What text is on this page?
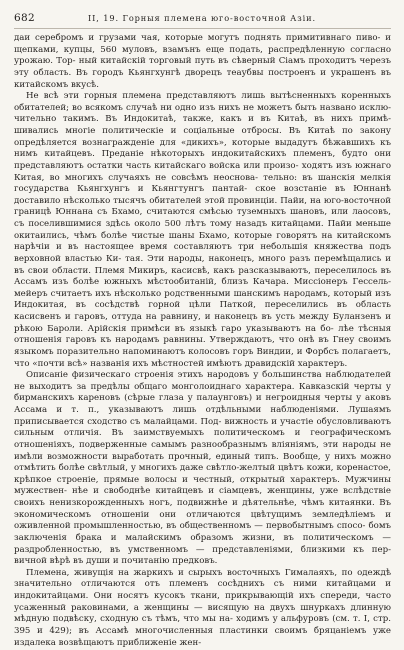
682	II, 19. Горныя племена юго-восточной Азіи.

даи серебромъ и грузами чая, которые могутъ поднять примитивнаго пиво- и щепками, купцы, 560 муловъ, взамънъ еще подать, распредѣленную согласно урожаю. Тор- ный китайскій торговый путь въ сѣверный Сіамъ проходитъ черезъ эту область. Въ городъ Кьянгхунгѣ дворецъ теаубвы построенъ и украшенъ въ китайскомъ вкусѣ.

Не всѣ эти горныя племена представляютъ лишь вытѣсненныхъ коренныхъ обитателей; во всякомъ случаѣ ни одно изъ нихъ не можетъ быть названо исклю- чительно такимъ. Въ Индокитаѣ, также, какъ и въ Китаѣ, въ нихъ примѣ- шивались многіе политическіе и соціальные отбросы. Въ Китаѣ по закону опредѣляется вознагражденіе для «дикихъ», которые выдадутъ бѣжавшихъ къ нимъ китайцевъ. Преданіе нѣкоторыхъ индокитайскихъ племенъ, будто они представляютъ остатки часть китайскаго войска или произо- ходятъ изъ южнаго Китая, во многихъ случаяхъ не совсѣмъ неоснова- тельно: въ шанскія мелкія государства Кьянгхунгъ и Кьянгтунгъ пантай- ское возстаніе въ Юннанѣ доставило нѣсколько тысячъ обитателей этой провинціи. Пайи, на юго-восточной границѣ Юннана съ Бхамо, считаются смѣсью туземныхъ шановъ, или лаосовъ, съ поселившимися здѣсь около 500 лѣтъ тому назадъ китайцами. Пайи меньше окитаились, чѣмъ болѣе чистые шаны Бхамо, которые говорятъ на китайскомъ нарѣчіи и въ настоящее время составляютъ три небольшія княжества подъ верховной властью Ки- тая. Эти народы, наконецъ, много разъ перемѣщались и въ свои области. Племя Микиръ, касисвѣ, какъ разсказываютъ, переселилось въ Ассамъ изъ болѣе южныхъ мѣстообитаній, близъ Качара. Миссіонеръ Гессель- мейеръ считаетъ ихъ нѣсколько родственными шанскимъ народамъ, который изъ Индокитая, въ сосѣдствѣ горной цѣли Паткой, переселились въ область касисвенъ и гаровъ, оттуда на равнину, и наконецъ въ усть между Буланзенъ и рѣкою Бароли. Арійскія примѣси въ языкѣ гаро указываютъ на бо- лѣе тѣсныя отношенія гаровъ къ народамъ равнины. Утверждаютъ, что онѣ въ Гнеу своимъ языкомъ поразительно напоминаютъ колосовъ горъ Виндии, и Форбсъ полагаетъ, что «почти всѣ» названія ихъ мѣстностей имѣютъ дравидскій характеръ.

Описаніе физическаго строенія этихъ народовъ у большинства наблюдателей не выходитъ за предѣлы общаго монголоиднаго характера. Кавказскій черты у бирманскихъ кареновъ (сѣрые глаза у палаунговъ) и негроидныя черты у аковъ Ассама и т. п., указываютъ лишь отдѣльными наблюденіями. Лушаямъ приписывается сходство съ малайцами. Под- вижность и участіе обусловливаютъ сильным отличія. Въ заимствуемыхъ политическомъ и географическомъ отношеніяхъ, подверженные самымъ разнообразнымъ вліяніямъ, эти народы не имѣли возможности выработать прочный, единый типъ. Вообще, у нихъ можно отмѣтить болѣе свѣтлый, у многихъ даже свѣтло-желтый цвѣтъ кожи, коренастое, крѣпкое строеніе, прямые волосы и честный, открытый характеръ. Мужчины мужествен- нѣе и свободнѣе китайцевъ и сіамцевъ, женщины, уже вслѣдствіе своихъ ненизкорожденныхъ ногъ, подвижнѣе и дѣятельнѣе, чѣмъ китаянки. Въ экономическомъ отношеніи они отличаются цвѣтущимъ земледѣліемъ и оживленной промышленностью, въ общественномъ — первобытнымъ спосо- бомъ заключенія брака и малайскимъ образомъ жизни, въ политическомъ — раздробленностью, въ умственномъ — представленіями, близкими къ пер- вичной вѣрѣ въ души и почитанію предковъ.

Племена, живущія на жаркихъ и сырыхъ восточныхъ Гималаяхъ, по одеждѣ значительно отличаются отъ племенъ сосѣднихъ съ ними китайцами и индокитайцами. Они носятъ кусокъ ткани, прикрывающій ихъ спереди, часто усаженный раковинами, а женщины — висящую на двухъ шнуркахъ длинную мѣдную подвѣску, сходную съ тѣмъ, что мы на- ходимъ у альфуровъ (см. т. I, стр. 395 и 429); въ Ассамѣ многочисленныя пластинки своимъ бряцаніемъ уже издалека возвѣщаютъ приближеніе жен-
